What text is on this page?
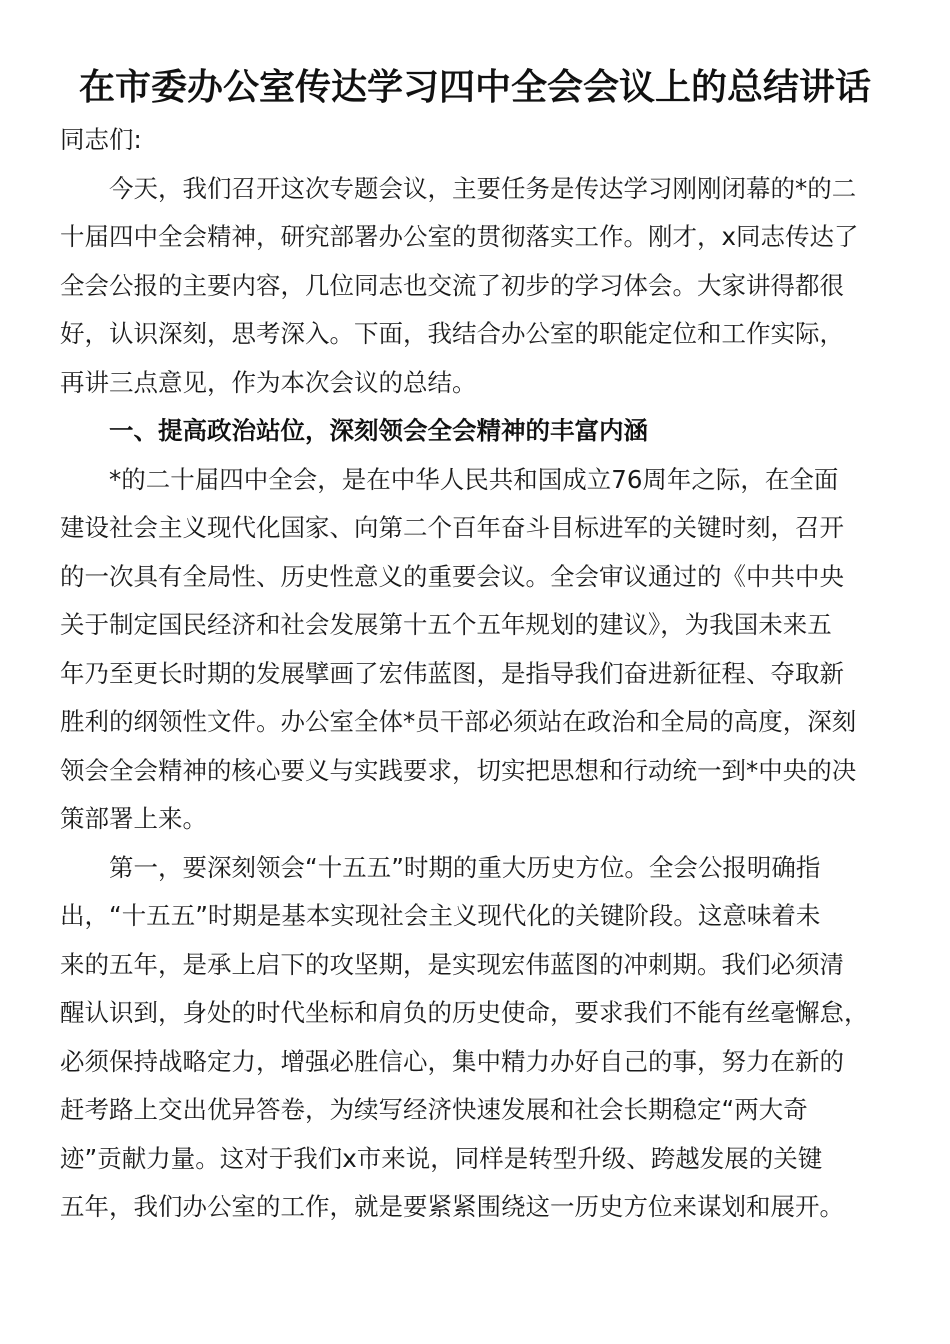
在市委办公室传达学习四中全会会议上的总结讲话
同志们:
　　今天，我们召开这次专题会议，主要任务是传达学习刚刚闭幕的*的二
十届四中全会精神，研究部署办公室的贯彻落实工作。刚才，x同志传达了
全会公报的主要内容，几位同志也交流了初步的学习体会。大家讲得都很
好，认识深刻，思考深入。下面，我结合办公室的职能定位和工作实际，
再讲三点意见，作为本次会议的总结。
一、提高政治站位，深刻领会全会精神的丰富内涵
*的二十届四中全会，是在中华人民共和国成立76周年之际，在全面
建设社会主义现代化国家、向第二个百年奋斗目标进军的关键时刻，召开
的一次具有全局性、历史性意义的重要会议。全会审议通过的《中共中央
关于制定国民经济和社会发展第十五个五年规划的建议》，为我国未来五
年乃至更长时期的发展擘画了宏伟蓝图，是指导我们奋进新征程、夺取新
胜利的纲领性文件。办公室全体*员干部必须站在政治和全局的高度，深刻
领会全会精神的核心要义与实践要求，切实把思想和行动统一到*中央的决
策部署上来。
第一，要深刻领会“十五五”时期的重大历史方位。全会公报明确指
出，“十五五”时期是基本实现社会主义现代化的关键阶段。这意味着未
来的五年，是承上启下的攻坚期，是实现宏伟蓝图的冲刺期。我们必须清
醒认识到，身处的时代坐标和肩负的历史使命，要求我们不能有丝毫懈怠，
必须保持战略定力，增强必胜信心，集中精力办好自己的事，努力在新的
赶考路上交出优异答卷，为续写经济快速发展和社会长期稳定“两大奇
迹”贡献力量。这对于我们x市来说，同样是转型升级、跨越发展的关键
五年，我们办公室的工作，就是要紧紧围绕这一历史方位来谋划和展开。
